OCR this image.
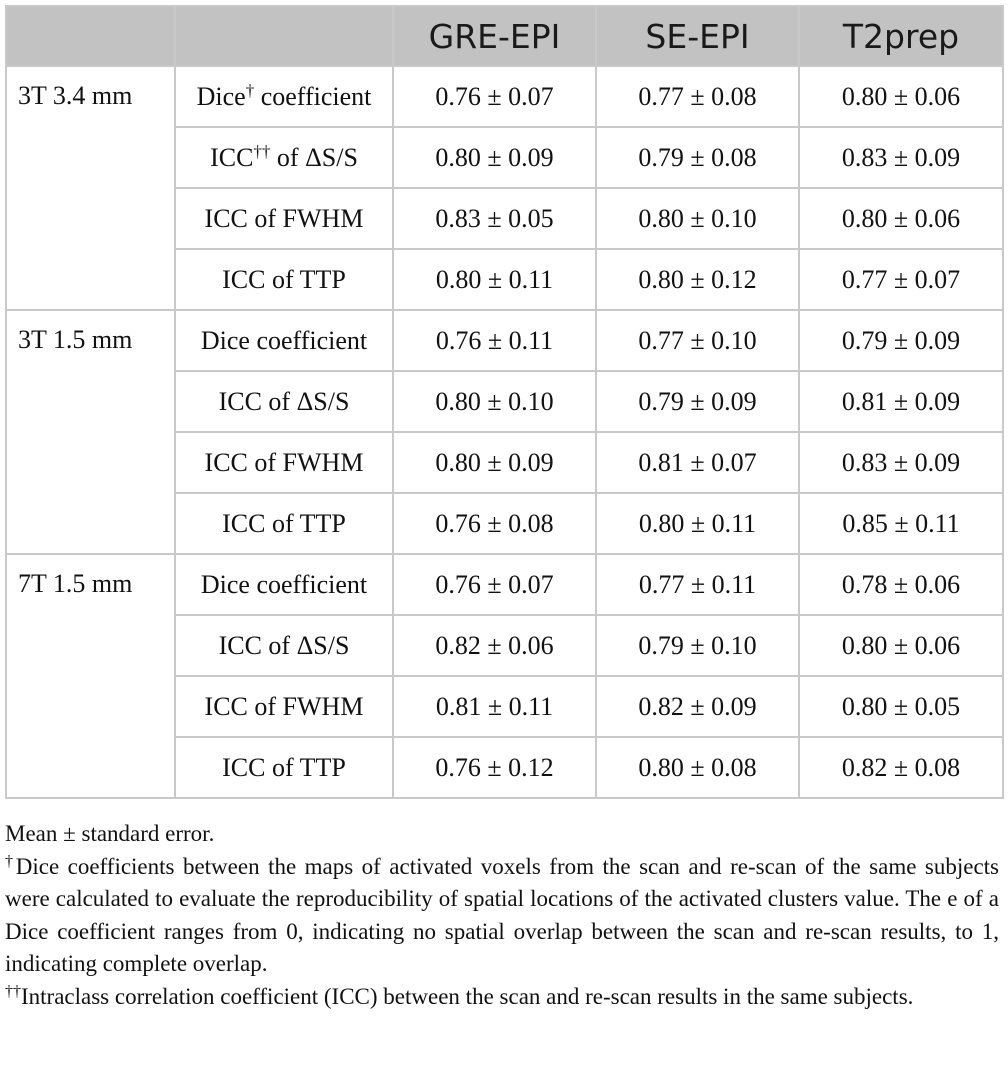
		GRE-EPI	SE-EPI	T2prep
3T 3.4 mm	Dice† coefficient	0.76 ± 0.07	0.77 ± 0.08	0.80 ± 0.06
	ICC†† of ΔS/S	0.80 ± 0.09	0.79 ± 0.08	0.83 ± 0.09
	ICC of FWHM	0.83 ± 0.05	0.80 ± 0.10	0.80 ± 0.06
	ICC of TTP	0.80 ± 0.11	0.80 ± 0.12	0.77 ± 0.07
3T 1.5 mm	Dice coefficient	0.76 ± 0.11	0.77 ± 0.10	0.79 ± 0.09
	ICC of ΔS/S	0.80 ± 0.10	0.79 ± 0.09	0.81 ± 0.09
	ICC of FWHM	0.80 ± 0.09	0.81 ± 0.07	0.83 ± 0.09
	ICC of TTP	0.76 ± 0.08	0.80 ± 0.11	0.85 ± 0.11
7T 1.5 mm	Dice coefficient	0.76 ± 0.07	0.77 ± 0.11	0.78 ± 0.06
	ICC of ΔS/S	0.82 ± 0.06	0.79 ± 0.10	0.80 ± 0.06
	ICC of FWHM	0.81 ± 0.11	0.82 ± 0.09	0.80 ± 0.05
	ICC of TTP	0.76 ± 0.12	0.80 ± 0.08	0.82 ± 0.08

Mean ± standard error.

†Dice coefficients between the maps of activated voxels from the scan and re-scan of the same subjects were calculated to evaluate the reproducibility of spatial locations of the activated clusters value. The e of a Dice coefficient ranges from 0, indicating no spatial overlap between the scan and re-scan results, to 1, indicating complete overlap.

††Intraclass correlation coefficient (ICC) between the scan and re-scan results in the same subjects.
